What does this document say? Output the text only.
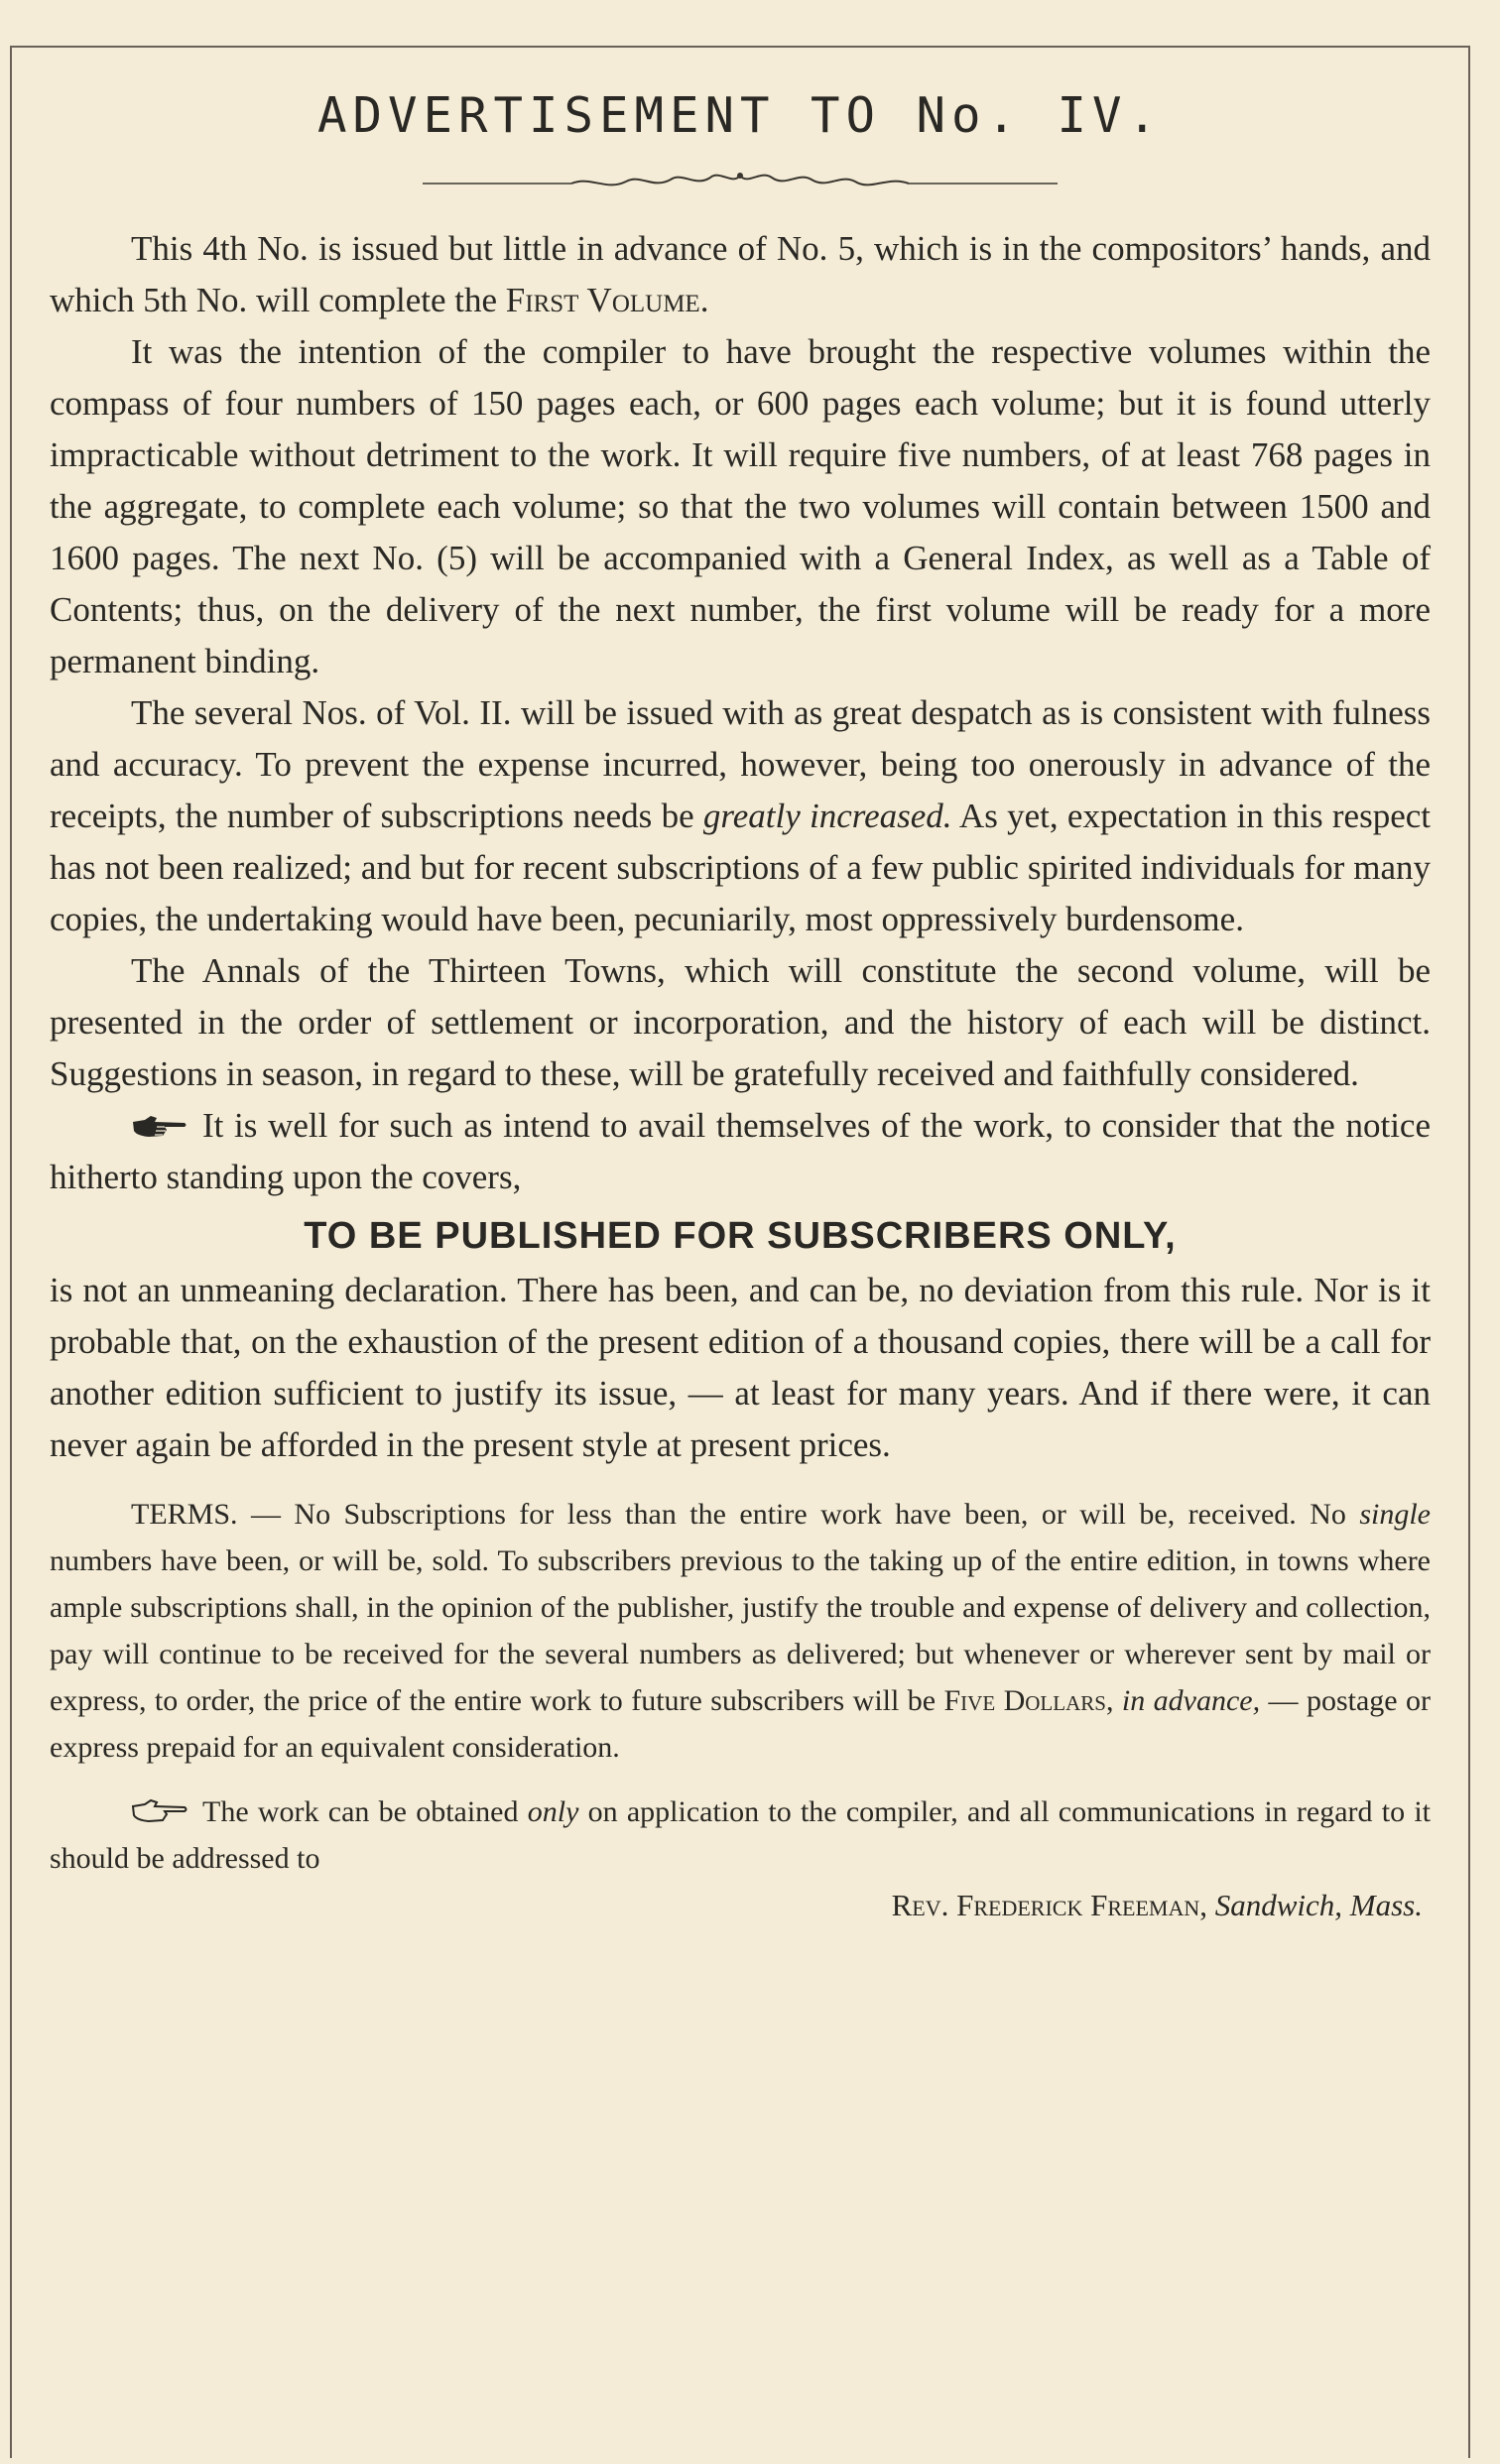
ADVERTISEMENT TO No. IV.

This 4th No. is issued but little in advance of No. 5, which is in the compositors’ hands, and which 5th No. will complete the First Volume.

It was the intention of the compiler to have brought the respective volumes within the compass of four numbers of 150 pages each, or 600 pages each volume; but it is found utterly impracticable without detriment to the work. It will require five numbers, of at least 768 pages in the aggregate, to complete each volume; so that the two volumes will contain between 1500 and 1600 pages. The next No. (5) will be accompanied with a General Index, as well as a Table of Contents; thus, on the delivery of the next number, the first volume will be ready for a more permanent binding.

The several Nos. of Vol. II. will be issued with as great despatch as is consistent with fulness and accuracy. To prevent the expense incurred, however, being too onerously in advance of the receipts, the number of subscriptions needs be greatly increased. As yet, expectation in this respect has not been realized; and but for recent subscriptions of a few public spirited individuals for many copies, the undertaking would have been, pecuniarily, most oppressively burdensome.

The Annals of the Thirteen Towns, which will constitute the second volume, will be presented in the order of settlement or incorporation, and the history of each will be distinct. Suggestions in season, in regard to these, will be gratefully received and faithfully considered.

It is well for such as intend to avail themselves of the work, to consider that the notice hitherto standing upon the covers,

TO BE PUBLISHED FOR SUBSCRIBERS ONLY,

is not an unmeaning declaration. There has been, and can be, no deviation from this rule. Nor is it probable that, on the exhaustion of the present edition of a thousand copies, there will be a call for another edition sufficient to justify its issue, — at least for many years. And if there were, it can never again be afforded in the present style at present prices.

TERMS. — No Subscriptions for less than the entire work have been, or will be, received. No single numbers have been, or will be, sold. To subscribers previous to the taking up of the entire edition, in towns where ample subscriptions shall, in the opinion of the publisher, justify the trouble and expense of delivery and collection, pay will continue to be received for the several numbers as delivered; but whenever or wherever sent by mail or express, to order, the price of the entire work to future subscribers will be Five Dollars, in advance, — postage or express prepaid for an equivalent consideration.

The work can be obtained only on application to the compiler, and all communications in regard to it should be addressed to

Rev. Frederick Freeman, Sandwich, Mass.
